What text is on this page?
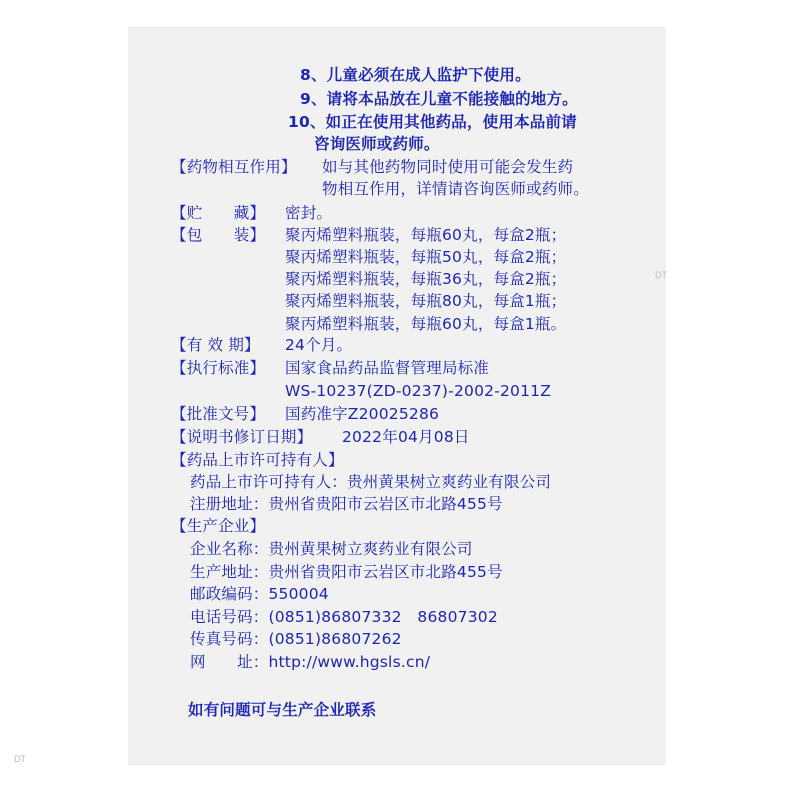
8、儿童必须在成人监护下使用。
9、请将本品放在儿童不能接触的地方。
10、如正在使用其他药品，使用本品前请
咨询医师或药师。
【药物相互作用】 如与其他药物同时使用可能会发生药
物相互作用，详情请咨询医师或药师。
【贮　　藏】 密封。
【包　　装】 聚丙烯塑料瓶装，每瓶60丸，每盒2瓶；
聚丙烯塑料瓶装，每瓶50丸，每盒2瓶；
聚丙烯塑料瓶装，每瓶36丸，每盒2瓶；
聚丙烯塑料瓶装，每瓶80丸，每盒1瓶；
聚丙烯塑料瓶装，每瓶60丸，每盒1瓶。
【有 效 期】 24个月。
【执行标准】 国家食品药品监督管理局标准
WS-10237(ZD-0237)-2002-2011Z
【批准文号】 国药准字Z20025286
【说明书修订日期】 2022年04月08日
【药品上市许可持有人】
药品上市许可持有人：贵州黄果树立爽药业有限公司
注册地址：贵州省贵阳市云岩区市北路455号
【生产企业】
企业名称：贵州黄果树立爽药业有限公司
生产地址：贵州省贵阳市云岩区市北路455号
邮政编码：550004
电话号码：(0851)86807332　86807302
传真号码：(0851)86807262
网　　址：http://www.hgsls.cn/
如有问题可与生产企业联系
DT
DT
